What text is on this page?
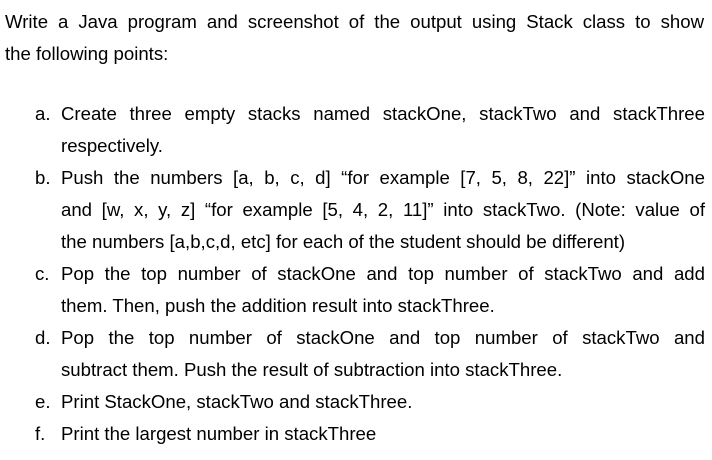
Write a Java program and screenshot of the output using Stack class to show
the following points:

a. Create three empty stacks named stackOne, stackTwo and stackThree
respectively.
b. Push the numbers [a, b, c, d] “for example [7, 5, 8, 22]” into stackOne
and [w, x, y, z] “for example [5, 4, 2, 11]” into stackTwo. (Note: value of
the numbers [a,b,c,d, etc] for each of the student should be different)
c. Pop the top number of stackOne and top number of stackTwo and add
them. Then, push the addition result into stackThree.
d. Pop the top number of stackOne and top number of stackTwo and
subtract them. Push the result of subtraction into stackThree.
e. Print StackOne, stackTwo and stackThree.
f. Print the largest number in stackThree
